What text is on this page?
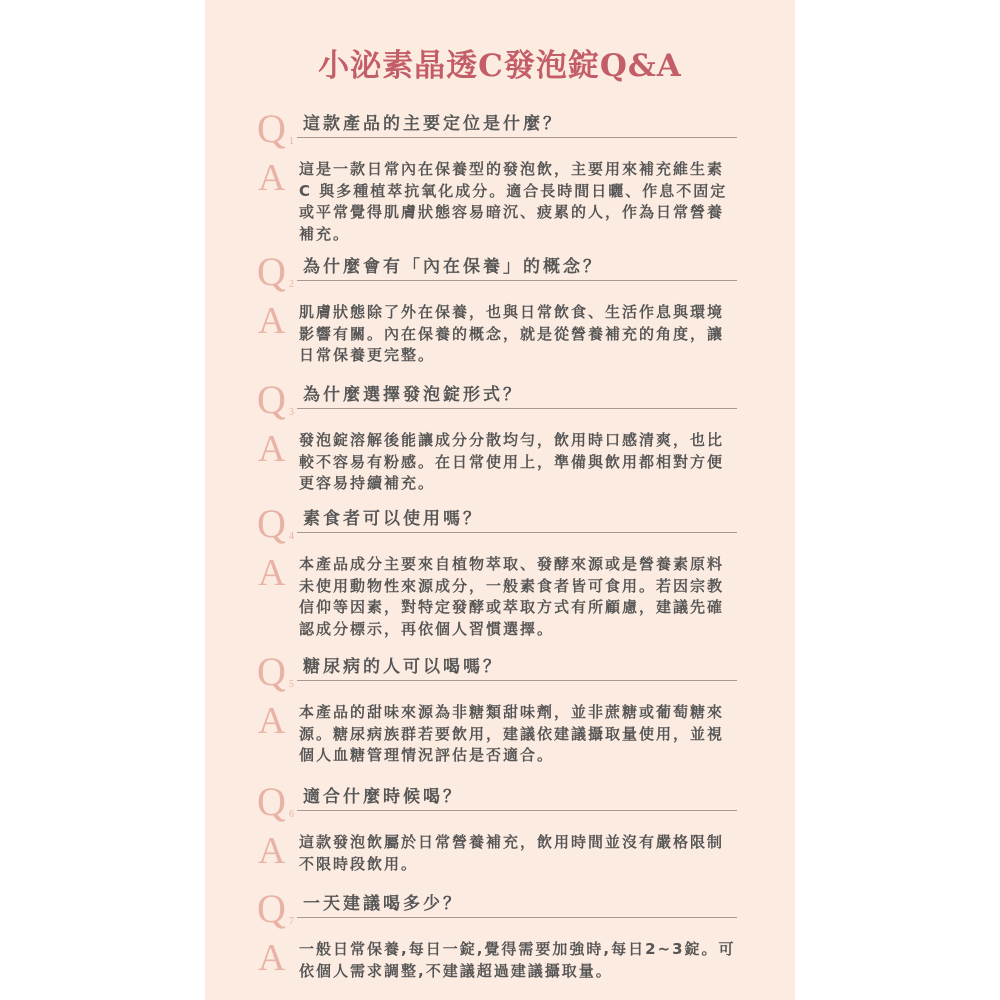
小泌素晶透C發泡錠Q&A
Q 1
這款產品的主要定位是什麼？
A 這是一款日常內在保養型的發泡飲，主要用來補充維生素
C 與多種植萃抗氧化成分。適合長時間日曬、作息不固定
或平常覺得肌膚狀態容易暗沉、疲累的人，作為日常營養
補充。
Q 2
為什麼會有「內在保養」的概念？
A 肌膚狀態除了外在保養，也與日常飲食、生活作息與環境
影響有關。內在保養的概念，就是從營養補充的角度，讓
日常保養更完整。
Q 3
為什麼選擇發泡錠形式？
A 發泡錠溶解後能讓成分分散均勻，飲用時口感清爽，也比
較不容易有粉感。在日常使用上，準備與飲用都相對方便
更容易持續補充。
Q 4
素食者可以使用嗎？
A 本產品成分主要來自植物萃取、發酵來源或是營養素原料
未使用動物性來源成分，一般素食者皆可食用。若因宗教
信仰等因素，對特定發酵或萃取方式有所顧慮，建議先確
認成分標示，再依個人習慣選擇。
Q 5
糖尿病的人可以喝嗎？
A 本產品的甜味來源為非糖類甜味劑，並非蔗糖或葡萄糖來
源。糖尿病族群若要飲用，建議依建議攝取量使用，並視
個人血糖管理情況評估是否適合。
Q 6
適合什麼時候喝？
A 這款發泡飲屬於日常營養補充，飲用時間並沒有嚴格限制
不限時段飲用。
Q 7
一天建議喝多少？
A 一般日常保養,每日一錠,覺得需要加強時,每日2~3錠。可
依個人需求調整,不建議超過建議攝取量。
